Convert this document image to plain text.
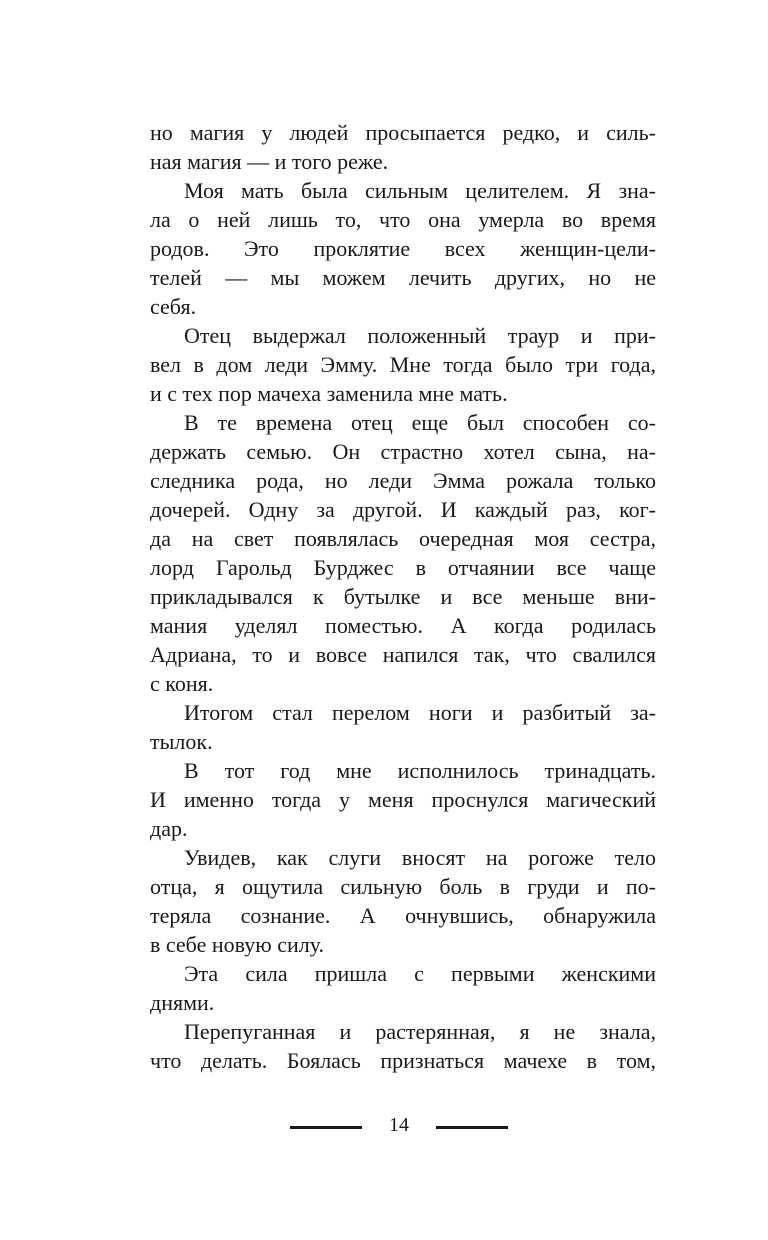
но магия у людей просыпается редко, и силь-
ная магия — и того реже.
Моя мать была сильным целителем. Я зна-
ла о ней лишь то, что она умерла во время
родов. Это проклятие всех женщин-цели-
телей — мы можем лечить других, но не
себя.
Отец выдержал положенный траур и при-
вел в дом леди Эмму. Мне тогда было три года,
и с тех пор мачеха заменила мне мать.
В те времена отец еще был способен со-
держать семью. Он страстно хотел сына, на-
следника рода, но леди Эмма рожала только
дочерей. Одну за другой. И каждый раз, ког-
да на свет появлялась очередная моя сестра,
лорд Гарольд Бурджес в отчаянии все чаще
прикладывался к бутылке и все меньше вни-
мания уделял поместью. А когда родилась
Адриана, то и вовсе напился так, что свалился
с коня.
Итогом стал перелом ноги и разбитый за-
тылок.
В тот год мне исполнилось тринадцать.
И именно тогда у меня проснулся магический
дар.
Увидев, как слуги вносят на рогоже тело
отца, я ощутила сильную боль в груди и по-
теряла сознание. А очнувшись, обнаружила
в себе новую силу.
Эта сила пришла с первыми женскими
днями.
Перепуганная и растерянная, я не знала,
что делать. Боялась признаться мачехе в том,
14
